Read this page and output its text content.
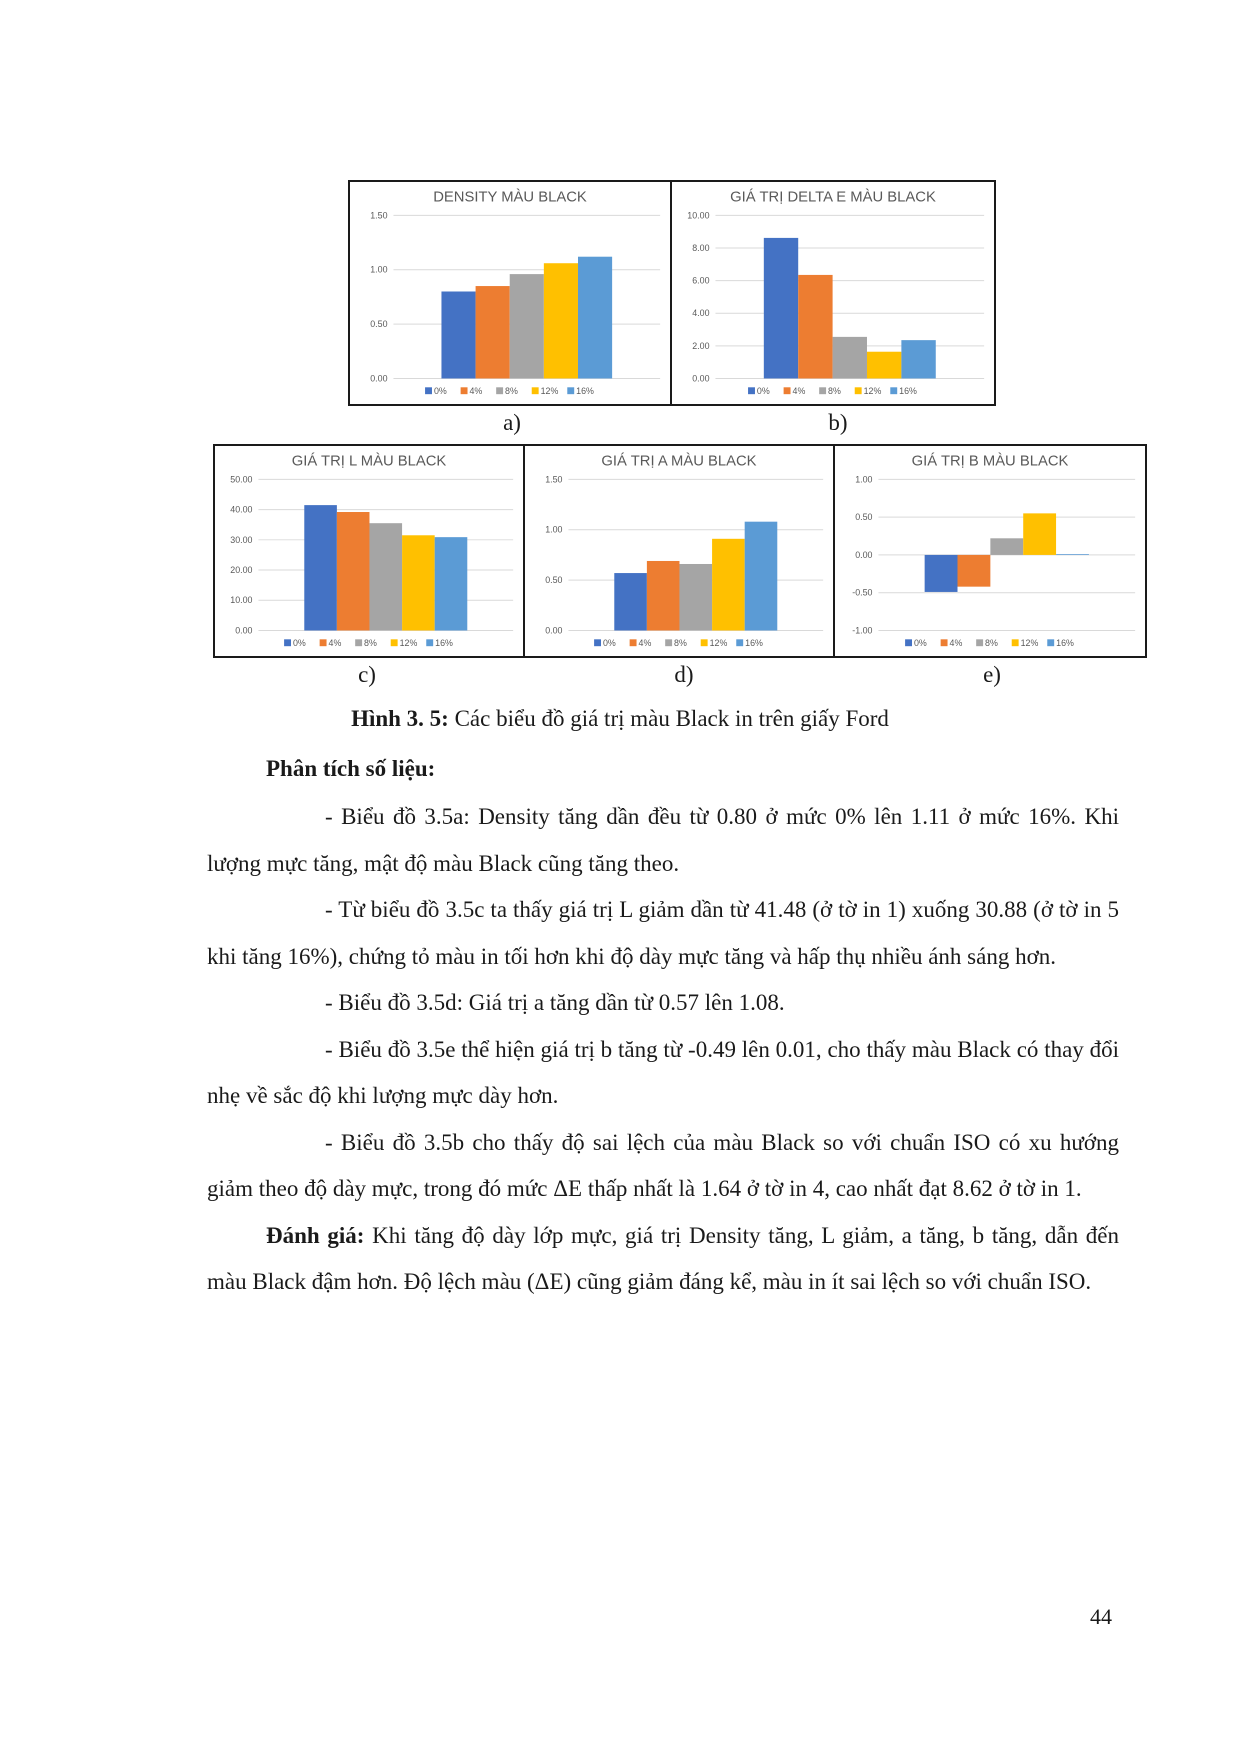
DENSITY MÀU BLACK
0.00
0.50
1.00
1.50
0%	4%	8%	12% 16%
GIÁ TRỊ DELTA E MÀU BLACK
0.00
2.00
4.00
6.00
8.00
10.00
0%	4%	8%	12% 16%
a)	b)
GIÁ TRỊ L MÀU BLACK
0.00
10.00
20.00
30.00
40.00
50.00
0%	4%	8%	12% 16%
GIÁ TRỊ A MÀU BLACK
0.00
0.50
1.00
1.50
0%	4%	8%	12% 16%
GIÁ TRỊ B MÀU BLACK
-1.00
-0.50
0.00
0.50
1.00
0%	4%	8%	12% 16%
c)	d)	e)
Hình 3. 5: Các biểu đồ giá trị màu Black in trên giấy Ford
Phân tích số liệu:

- Biểu đồ 3.5a: Density tăng dần đều từ 0.80 ở mức 0% lên 1.11 ở mức 16%. Khi lượng mực tăng, mật độ màu Black cũng tăng theo.

- Từ biểu đồ 3.5c ta thấy giá trị L giảm dần từ 41.48 (ở tờ in 1) xuống 30.88 (ở tờ in 5 khi tăng 16%), chứng tỏ màu in tối hơn khi độ dày mực tăng và hấp thụ nhiều ánh sáng hơn.

- Biểu đồ 3.5d: Giá trị a tăng dần từ 0.57 lên 1.08.

- Biểu đồ 3.5e thể hiện giá trị b tăng từ -0.49 lên 0.01, cho thấy màu Black có thay đổi nhẹ về sắc độ khi lượng mực dày hơn.

- Biểu đồ 3.5b cho thấy độ sai lệch của màu Black so với chuẩn ISO có xu hướng giảm theo độ dày mực, trong đó mức ΔE thấp nhất là 1.64 ở tờ in 4, cao nhất đạt 8.62 ở tờ in 1.

Đánh giá: Khi tăng độ dày lớp mực, giá trị Density tăng, L giảm, a tăng, b tăng, dẫn đến màu Black đậm hơn. Độ lệch màu (ΔE) cũng giảm đáng kể, màu in ít sai lệch so với chuẩn ISO.

44
